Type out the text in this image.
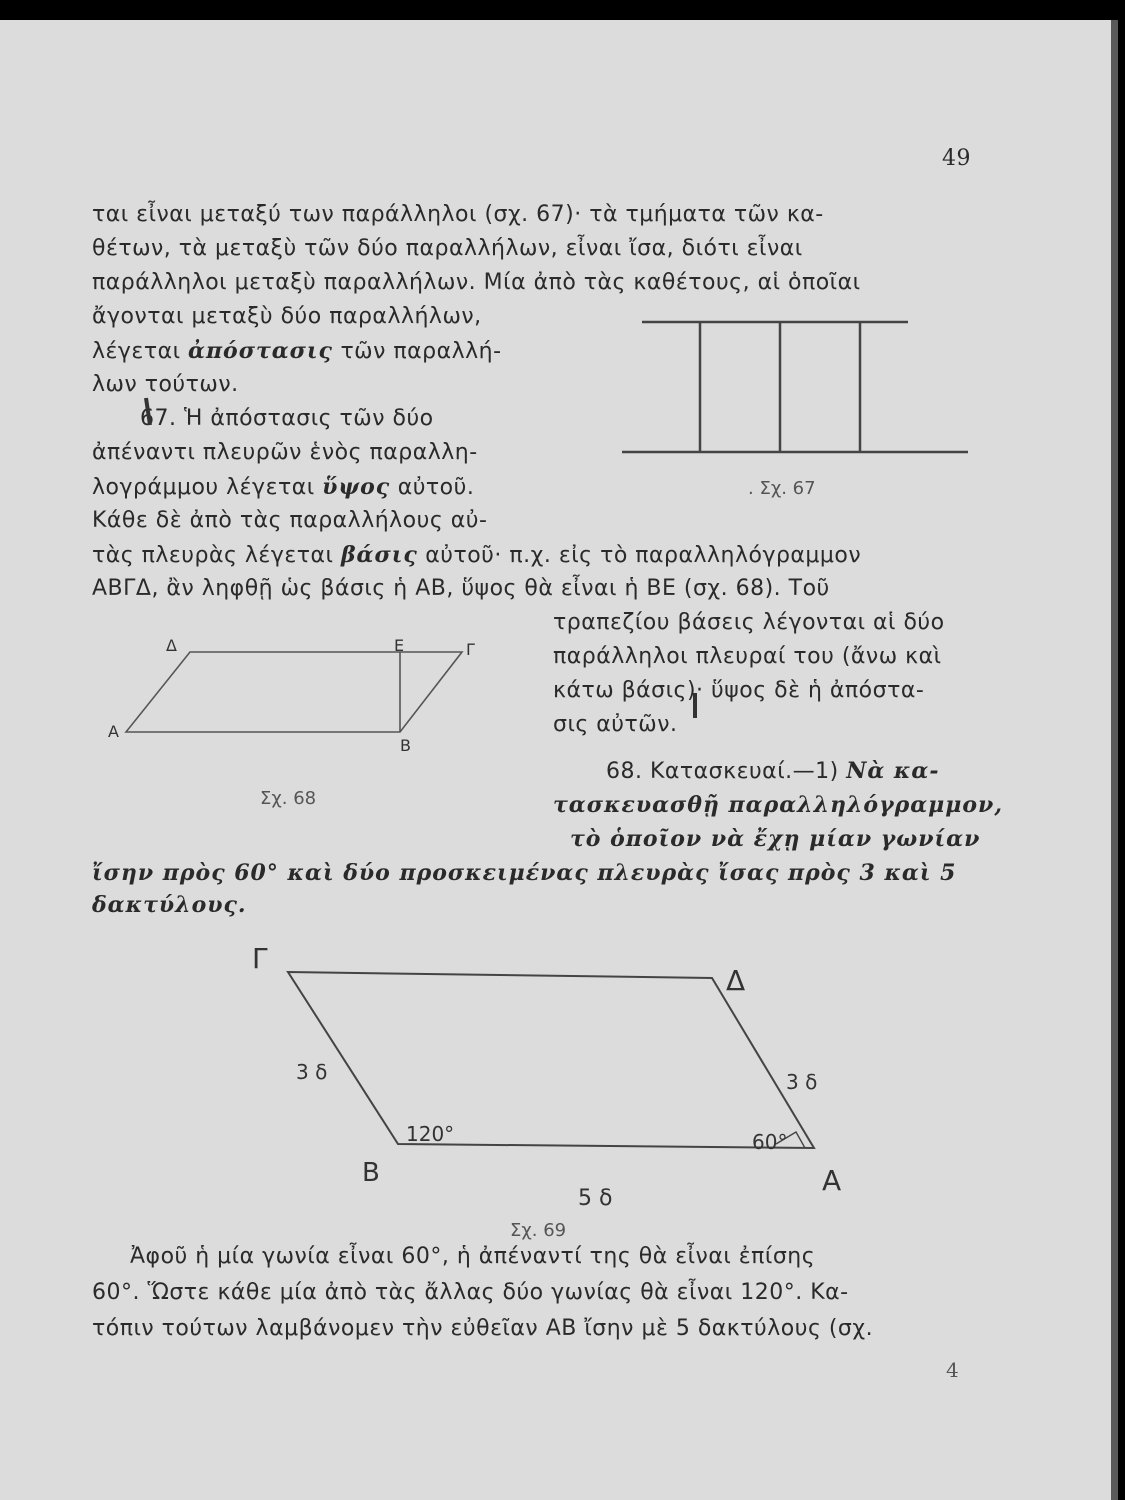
49
ται εἶναι μεταξύ των παράλληλοι (σχ. 67)· τὰ τμήματα τῶν κα-
θέτων, τὰ μεταξὺ τῶν δύο παραλλήλων, εἶναι ἴσα, διότι εἶναι
παράλληλοι μεταξὺ παραλλήλων. Μία ἀπὸ τὰς καθέτους, αἱ ὁποῖαι
ἄγονται μεταξὺ δύο παραλλήλων,
λέγεται ἀπόστασις τῶν παραλλή-
λων τούτων.
67. Ἡ ἀπόστασις τῶν δύο
ἀπέναντι πλευρῶν ἑνὸς παραλλη-
λογράμμου λέγεται ὕψος αὐτοῦ.
Κάθε δὲ ἀπὸ τὰς παραλλήλους αὐ-
τὰς πλευρὰς λέγεται βάσις αὐτοῦ· π.χ. εἰς τὸ παραλληλόγραμμον
ΑΒΓΔ, ἂν ληφθῇ ὡς βάσις ἡ ΑΒ, ὕψος θὰ εἶναι ἡ ΒΕ (σχ. 68). Τοῦ
τραπεζίου βάσεις λέγονται αἱ δύο
παράλληλοι πλευραί του (ἄνω καὶ
κάτω βάσις)· ὕψος δὲ ἡ ἀπόστα-
σις αὐτῶν.
68. Κατασκευαί.—1) Νὰ κα-
τασκευασθῇ παραλληλόγραμμον,
τὸ ὁποῖον νὰ ἔχῃ μίαν γωνίαν
ἴσην πρὸς 60° καὶ δύο προσκειμένας πλευρὰς ἴσας πρὸς 3 καὶ 5
δακτύλους.
Ἀφοῦ ἡ μία γωνία εἶναι 60°, ἡ ἀπέναντί της θὰ εἶναι ἐπίσης
60°. Ὥστε κάθε μία ἀπὸ τὰς ἄλλας δύο γωνίας θὰ εἶναι 120°. Κα-
τόπιν τούτων λαμβάνομεν τὴν εὐθεῖαν ΑΒ ἴσην μὲ 5 δακτύλους (σχ.
4
. Σχ. 67
Δ	Ε	Γ
Α
Β
Σχ. 68
Γ
Δ
Β	Α
3 δ	3 δ
5 δ
120°	60°
Σχ. 69
